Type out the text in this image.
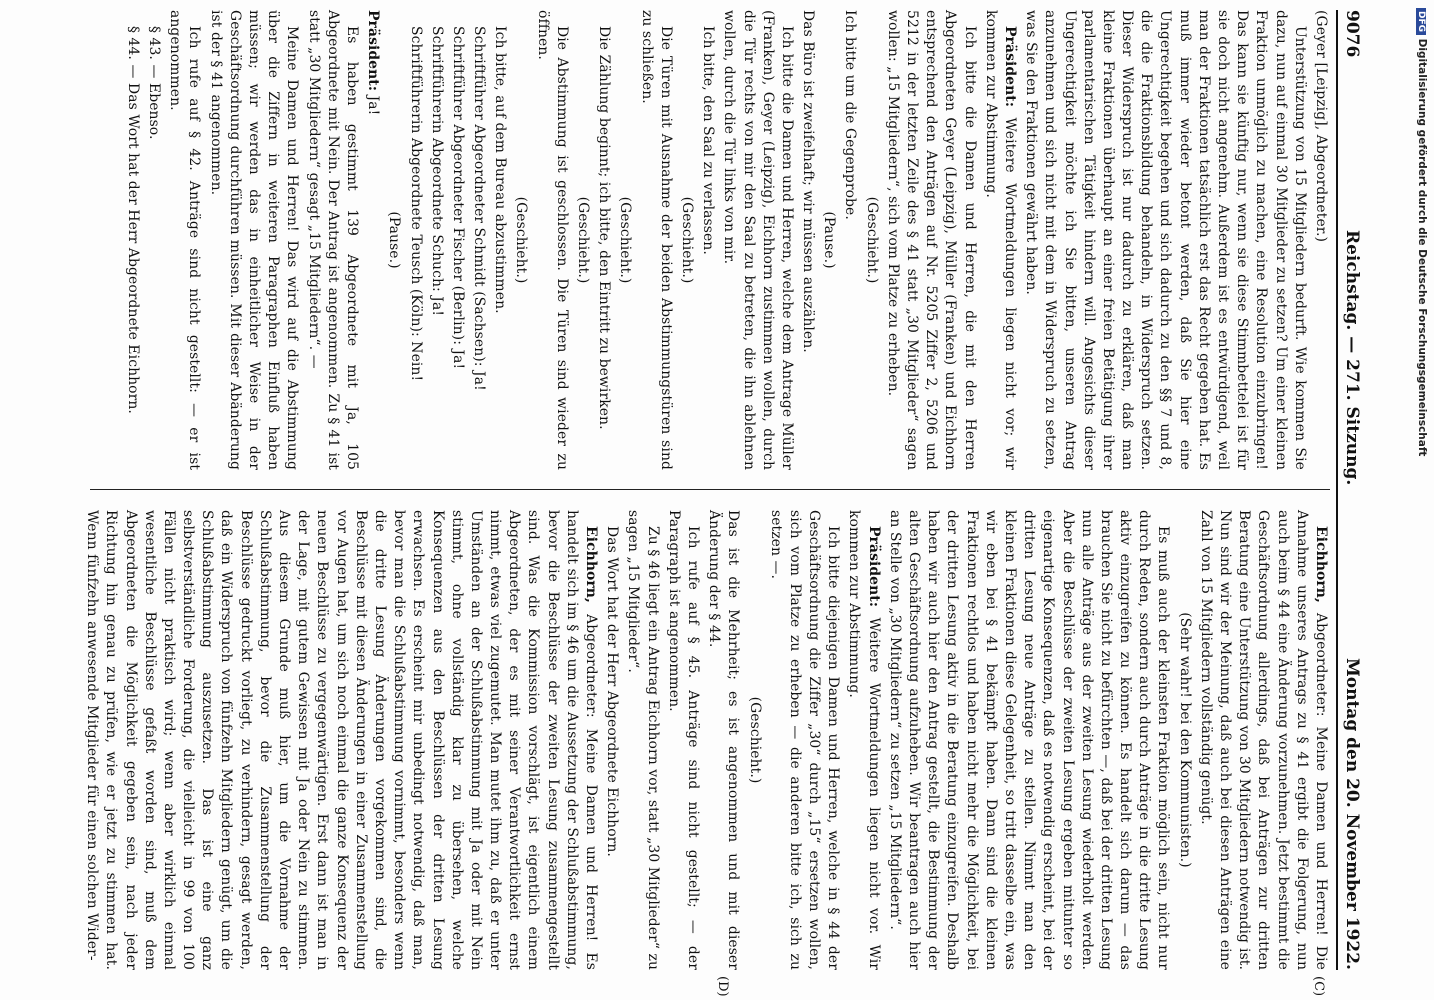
9076
Reichstag. — 271. Sitzung.
Montag den 20. November 1922.

(Geyer [Leipzig], Abgeordneter.)

Unterstützung von 15 Mitgliedern bedurft. Wie kommen Sie dazu, nun auf einmal 30 Mitglieder zu setzen? Um einer kleinen Fraktion unmöglich zu machen, eine Resolution einzubringen! Das kann sie künftig nur, wenn sie diese Stimmbettelei ist für sie doch nicht angenehm. Außerdem ist es entwürdigend, weil man der Fraktionen tatsächlich erst das Recht gegeben hat. Es muß immer wieder betont werden, daß Sie hier eine Ungerechtigkeit begehen und sich dadurch zu den §§ 7 und 8, die die Fraktionsbildung behandeln, in Widerspruch setzen. Dieser Widerspruch ist nur dadurch zu erklären, daß man kleine Fraktionen überhaupt an einer freien Betätigung ihrer parlamentarischen Tätigkeit hindern will. Angesichts dieser Ungerechtigkeit möchte ich Sie bitten, unseren Antrag anzunehmen und sich nicht mit dem in Widerspruch zu setzen, was Sie den Fraktionen gewährt haben.

Präsident: Weitere Wortmeldungen liegen nicht vor; wir kommen zur Abstimmung.

Ich bitte die Damen und Herren, die mit den Herren Abgeordneten Geyer (Leipzig), Müller (Franken) und Eichhorn entsprechend den Anträgen auf Nr. 5205 Ziffer 2, 5206 und 5212 in der letzten Zeile des § 41 statt „30 Mitglieder“ sagen wollen: „15 Mitgliedern“, sich vom Platze zu erheben.

(Geschieht.)

Ich bitte um die Gegenprobe.

(Pause.)

Das Büro ist zweifelhaft; wir müssen auszählen.

Ich bitte die Damen und Herren, welche dem Antrage Müller (Franken), Geyer (Leipzig), Eichhorn zustimmen wollen, durch die Tür rechts von mir den Saal zu betreten, die ihn ablehnen wollen, durch die Tür links von mir.

Ich bitte, den Saal zu verlassen.

(Geschieht.)

Die Türen mit Ausnahme der beiden Abstimmungstüren sind zu schließen.

(Geschieht.)

Die Zählung beginnt; ich bitte, den Eintritt zu bewirken.

(Geschieht.)

Die Abstimmung ist geschlossen. Die Türen sind wieder zu öffnen.

(Geschieht.)

Ich bitte, auf dem Bureau abzustimmen.

Schriftführer Abgeordneter Schmidt (Sachsen): Ja!

Schriftführer Abgeordneter Fischer (Berlin): Ja!

Schriftführerin Abgeordnete Schuch: Ja!

Schriftführerin Abgeordnete Teusch (Köln): Nein!

(Pause.)

Präsident: Ja!

Es haben gestimmt 139 Abgeordnete mit Ja, 105 Abgeordnete mit Nein. Der Antrag ist angenommen. Zu § 41 ist statt „30 Mitgliedern“ gesagt „15 Mitgliedern“. —

Meine Damen und Herren! Das wird auf die Abstimmung über die Ziffern in weiteren Paragraphen Einfluß haben müssen; wir werden das in einheitlicher Weise in der Geschäftsordnung durchführen müssen. Mit dieser Abänderung ist der § 41 angenommen.

Ich rufe auf § 42. Anträge sind nicht gestellt: — er ist angenommen.

§ 43. — Ebenso.

§ 44. — Das Wort hat der Herr Abgeordnete Eichhorn.

Eichhorn, Abgeordneter: Meine Damen und Herren! Die Annahme unseres Antrags zu § 41 ergibt die Folgerung, nun auch beim § 44 eine Änderung vorzunehmen. Jetzt bestimmt die Geschäftsordnung allerdings, daß bei Anträgen zur dritten Beratung eine Unterstützung von 30 Mitgliedern notwendig ist. Nun sind wir der Meinung, daß auch bei diesen Anträgen eine Zahl von 15 Mitgliedern vollständig genügt.

(Sehr wahr! bei den Kommunisten.)

Es muß auch der kleinsten Fraktion möglich sein, nicht nur durch Reden, sondern auch durch Anträge in die dritte Lesung aktiv einzugreifen zu können. Es handelt sich darum — das brauchen Sie nicht zu befürchten —, daß bei der dritten Lesung nun alle Anträge aus der zweiten Lesung wiederholt werden. Aber die Beschlüsse der zweiten Lesung ergeben mitunter so eigenartige Konsequenzen, daß es notwendig erscheint, bei der dritten Lesung neue Anträge zu stellen. Nimmt man den kleinen Fraktionen diese Gelegenheit, so tritt dasselbe ein, was wir eben bei § 41 bekämpft haben. Dann sind die kleinen Fraktionen rechtlos und haben nicht mehr die Möglichkeit, bei der dritten Lesung aktiv in die Beratung einzugreifen. Deshalb haben wir auch hier den Antrag gestellt, die Bestimmung der alten Geschäftsordnung aufzuheben. Wir beantragen auch hier an Stelle von „30 Mitgliedern“ zu setzen „15 Mitgliedern“.

Präsident: Weitere Wortmeldungen liegen nicht vor. Wir kommen zur Abstimmung.

Ich bitte diejenigen Damen und Herren, welche in § 44 der Geschäftsordnung die Ziffer „30“ durch „15“ ersetzen wollen, sich vom Platze zu erheben — die anderen bitte ich, sich zu setzen —.

(Geschieht.)

Das ist die Mehrheit; es ist angenommen und mit dieser Änderung der § 44.

Ich rufe auf § 45. Anträge sind nicht gestellt; — der Paragraph ist angenommen.

Zu § 46 liegt ein Antrag Eichhorn vor, statt „30 Mitglieder“ zu sagen „15 Mitglieder“.

Das Wort hat der Herr Abgeordnete Eichhorn.

Eichhorn, Abgeordneter: Meine Damen und Herren! Es handelt sich im § 46 um die Aussetzung der Schlußabstimmung, bevor die Beschlüsse der zweiten Lesung zusammengestellt sind. Was die Kommission vorschlägt, ist eigentlich einem Abgeordneten, der es mit seiner Verantwortlichkeit ernst nimmt, etwas viel zugemutet. Man mutet ihm zu, daß er unter Umständen an der Schlußabstimmung mit Ja oder mit Nein stimmt, ohne vollständig klar zu übersehen, welche Konsequenzen aus den Beschlüssen der dritten Lesung erwachsen. Es erscheint mir unbedingt notwendig, daß man, bevor man die Schlußabstimmung vornimmt, besonders wenn die dritte Lesung Änderungen vorgekommen sind, die Beschlüsse mit diesen Änderungen in einer Zusammenstellung vor Augen hat, um sich noch einmal die ganze Konsequenz der neuen Beschlüsse zu vergegenwärtigen. Erst dann ist man in der Lage, mit gutem Gewissen mit Ja oder Nein zu stimmen. Aus diesem Grunde muß hier, um die Vornahme der Schlußabstimmung, bevor die Zusammenstellung der Beschlüsse gedruckt vorliegt, zu verhindern, gesagt werden, daß ein Widerspruch von fünfzehn Mitgliedern genügt, um die Schlußabstimmung auszusetzen. Das ist eine ganz selbstverständliche Forderung, die vielleicht in 99 von 100 Fällen nicht praktisch wird; wenn aber wirklich einmal wesentliche Beschlüsse gefaßt worden sind, muß dem Abgeordneten die Möglichkeit gegeben sein, nach jeder Richtung hin genau zu prüfen, wie er jetzt zu stimmen hat. Wenn fünfzehn anwesende Mitglieder für einen solchen Wider-

(C)
(D)
DFG Digitalisierung gefördert durch die Deutsche Forschungsgemeinschaft
